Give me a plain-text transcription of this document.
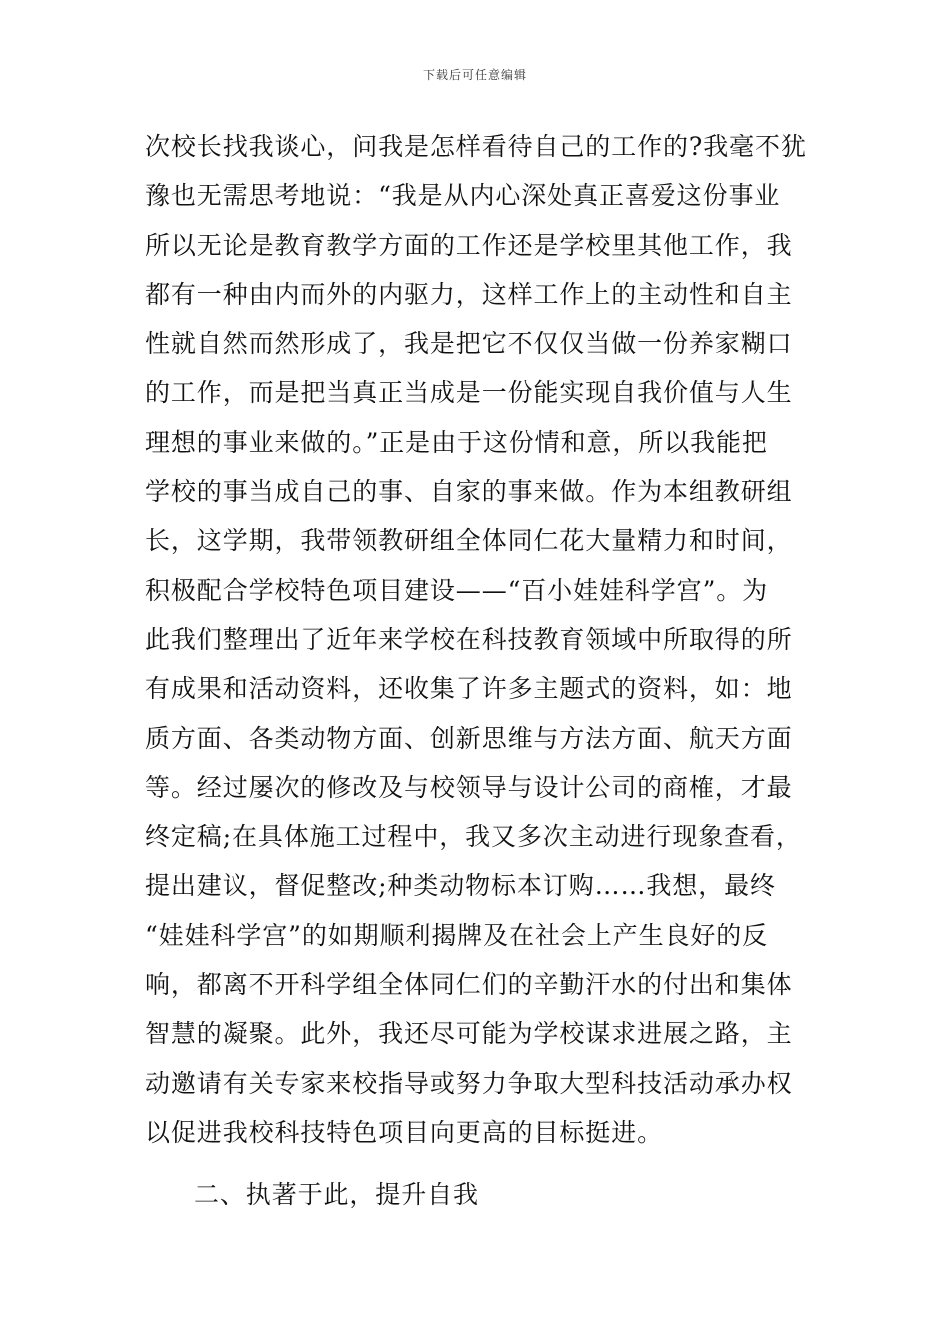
下载后可任意编辑
次校长找我谈心，问我是怎样看待自己的工作的?我毫不犹
豫也无需思考地说：“我是从内心深处真正喜爱这份事业
所以无论是教育教学方面的工作还是学校里其他工作，我
都有一种由内而外的内驱力，这样工作上的主动性和自主
性就自然而然形成了，我是把它不仅仅当做一份养家糊口
的工作，而是把当真正当成是一份能实现自我价值与人生
理想的事业来做的。”正是由于这份情和意，所以我能把
学校的事当成自己的事、自家的事来做。作为本组教研组
长，这学期，我带领教研组全体同仁花大量精力和时间，
积极配合学校特色项目建设——“百小娃娃科学宫”。为
此我们整理出了近年来学校在科技教育领域中所取得的所
有成果和活动资料，还收集了许多主题式的资料，如：地
质方面、各类动物方面、创新思维与方法方面、航天方面
等。经过屡次的修改及与校领导与设计公司的商榷，才最
终定稿;在具体施工过程中，我又多次主动进行现象查看，
提出建议，督促整改;种类动物标本订购……我想，最终
“娃娃科学宫”的如期顺利揭牌及在社会上产生良好的反
响，都离不开科学组全体同仁们的辛勤汗水的付出和集体
智慧的凝聚。此外，我还尽可能为学校谋求进展之路，主
动邀请有关专家来校指导或努力争取大型科技活动承办权
以促进我校科技特色项目向更高的目标挺进。
二、执著于此，提升自我
